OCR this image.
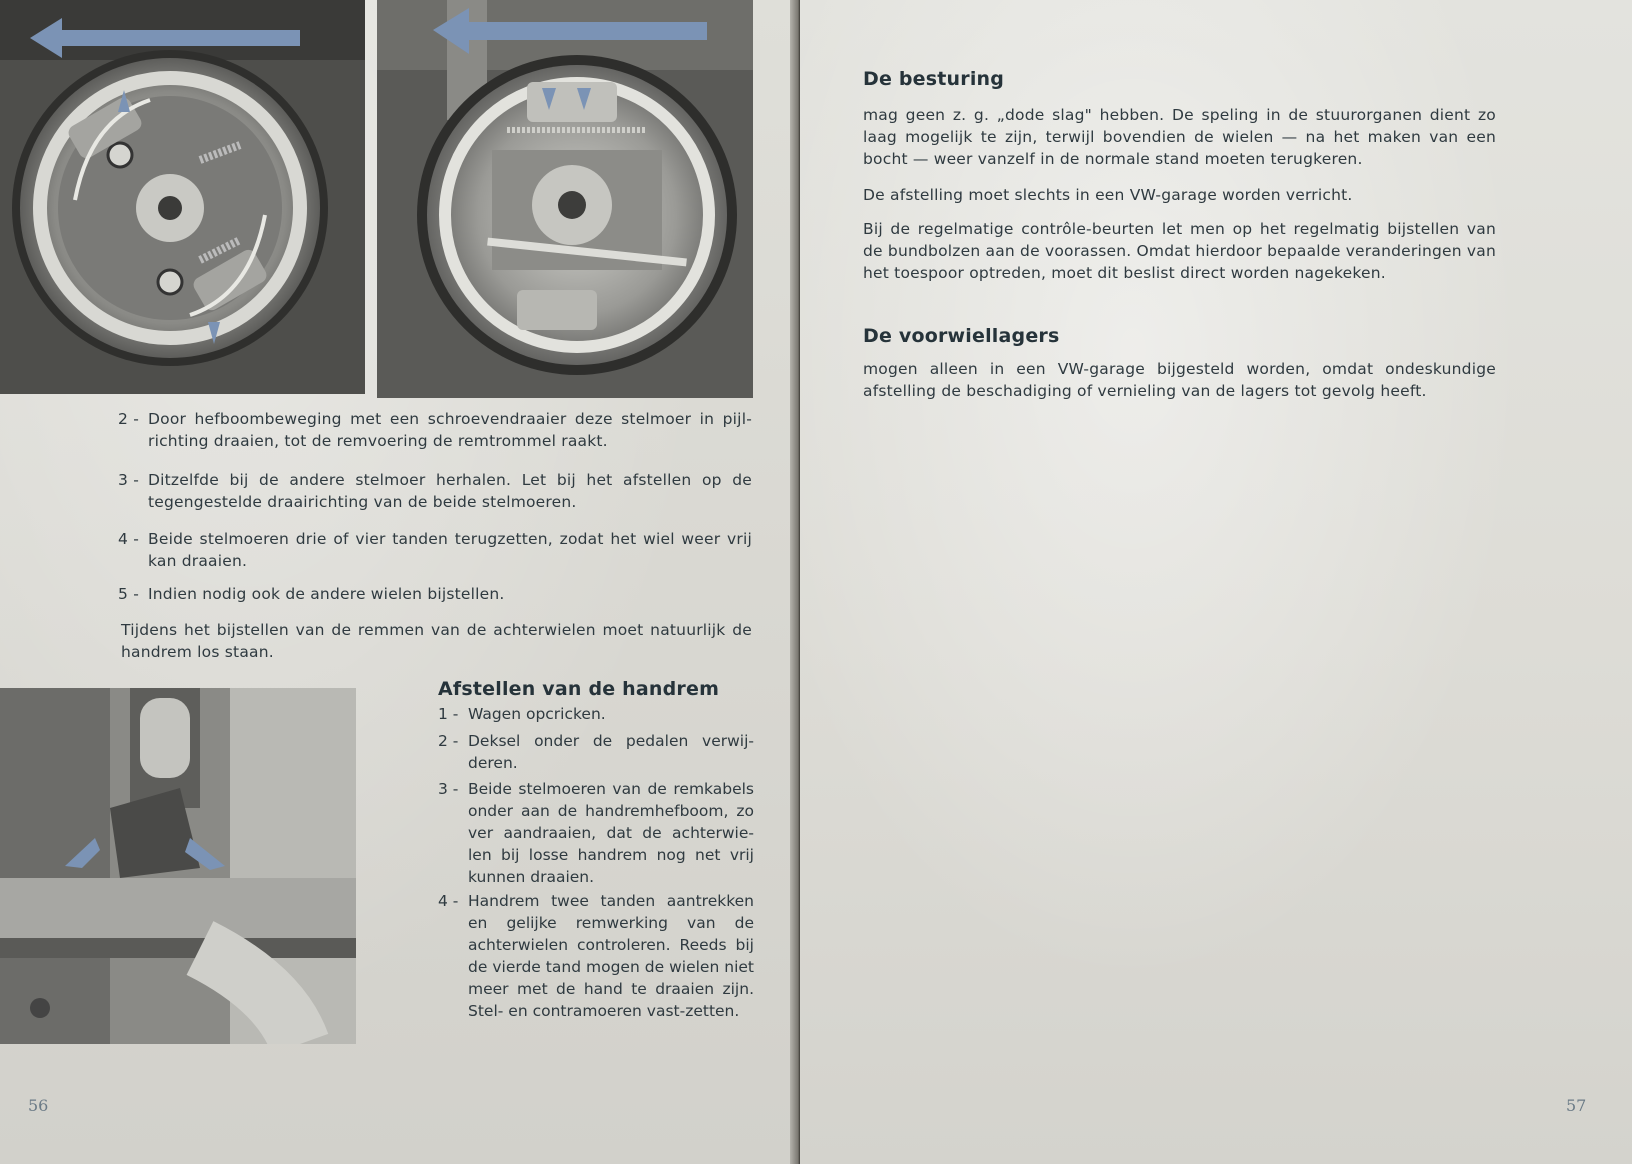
2 - Door hefboombeweging met een schroevendraaier deze stelmoer in pijl-richting draaien, tot de remvoering de remtrommel raakt.
3 - Ditzelfde bij de andere stelmoer herhalen. Let bij het afstellen op de tegengestelde draairichting van de beide stelmoeren.
4 - Beide stelmoeren drie of vier tanden terugzetten, zodat het wiel weer vrij kan draaien.
5 - Indien nodig ook de andere wielen bijstellen.
Tijdens het bijstellen van de remmen van de achterwielen moet natuurlijk de handrem los staan.
Afstellen van de handrem
1 - Wagen opcricken.
2 - Deksel onder de pedalen verwij-deren.
3 - Beide stelmoeren van de remkabels onder aan de handremhefboom, zo ver aandraaien, dat de achterwie-len bij losse handrem nog net vrij kunnen draaien.
4 - Handrem twee tanden aantrekken en gelijke remwerking van de achterwielen controleren. Reeds bij de vierde tand mogen de wielen niet meer met de hand te draaien zijn. Stel- en contramoeren vast-zetten.
56
De besturing
mag geen z. g. „dode slag" hebben. De speling in de stuurorganen dient zo laag mogelijk te zijn, terwijl bovendien de wielen — na het maken van een bocht — weer vanzelf in de normale stand moeten terugkeren.
De afstelling moet slechts in een VW-garage worden verricht.
Bij de regelmatige contrôle-beurten let men op het regelmatig bijstellen van de bundbolzen aan de voorassen. Omdat hierdoor bepaalde veranderingen van het toespoor optreden, moet dit beslist direct worden nagekeken.
De voorwiellagers
mogen alleen in een VW-garage bijgesteld worden, omdat ondeskundige afstelling de beschadiging of vernieling van de lagers tot gevolg heeft.
57
